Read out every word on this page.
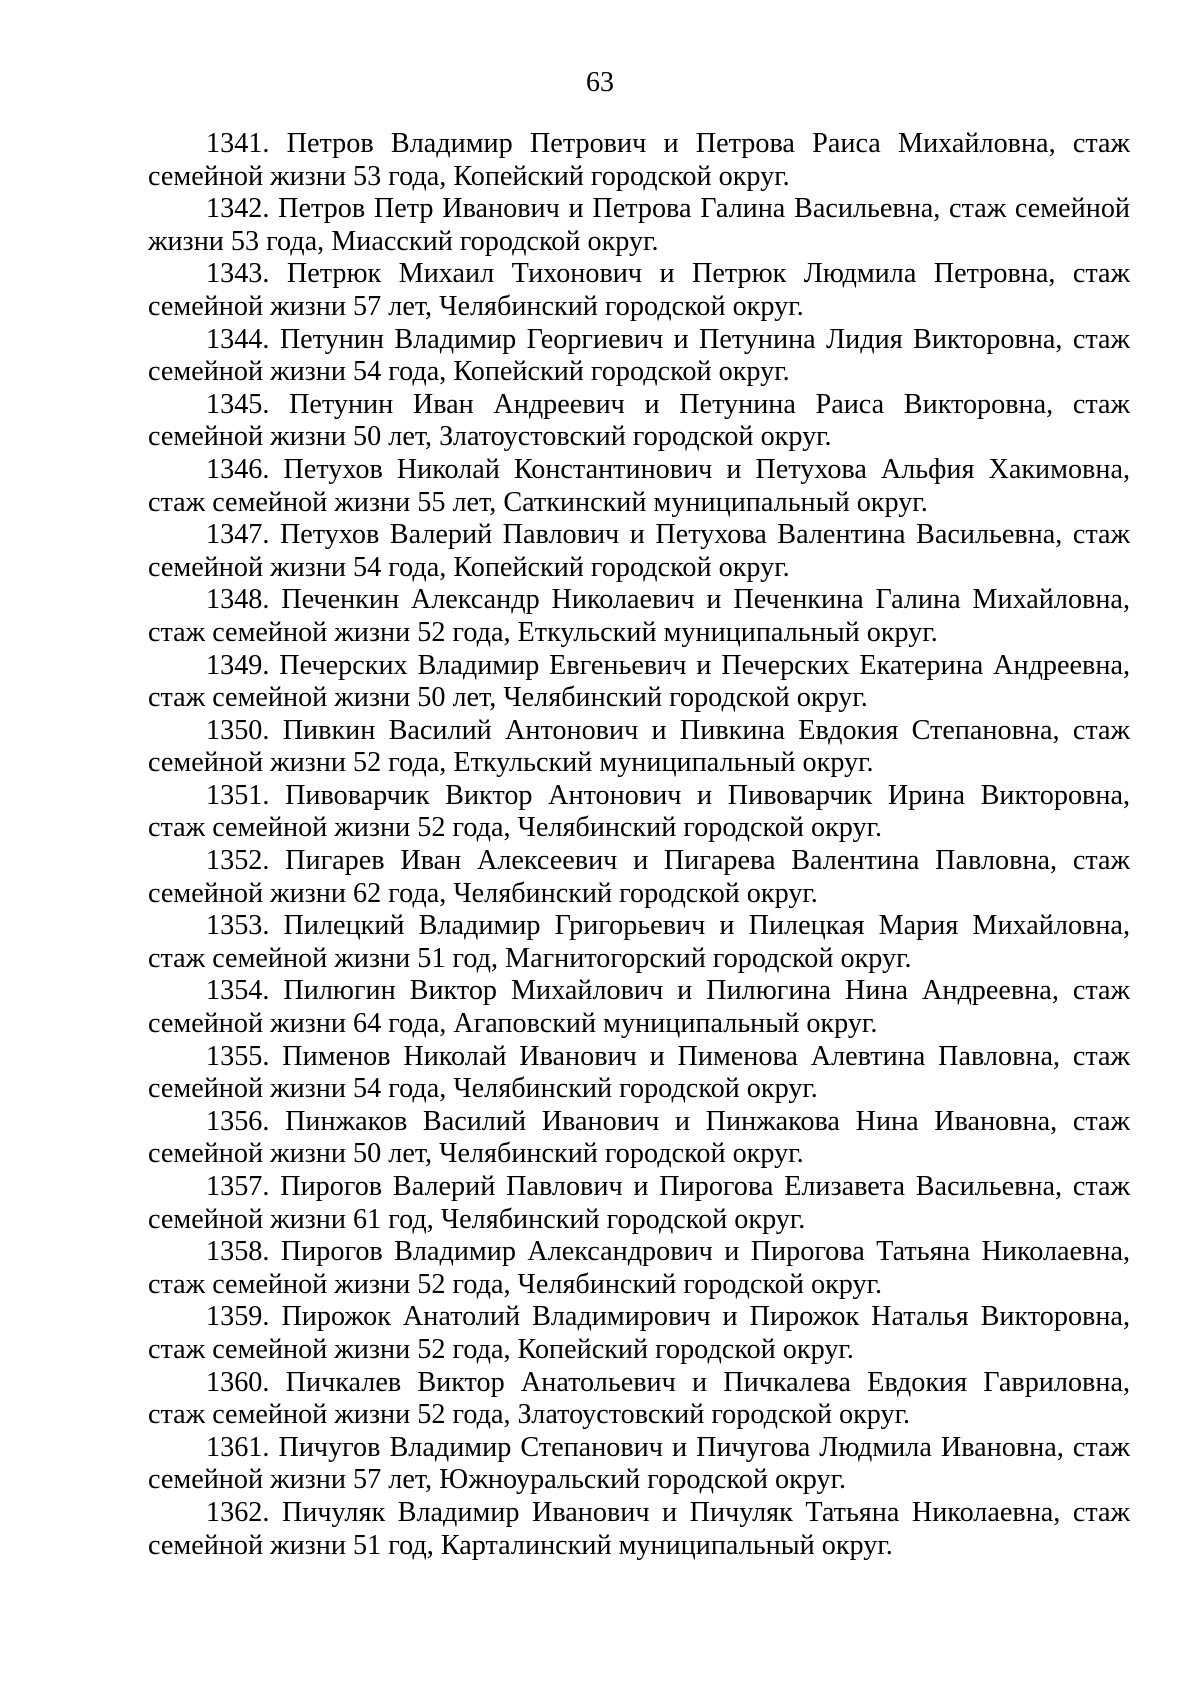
63

1341 . Петров Владимир Петрович и Петрова Раиса Михайловна, стаж семейной жизни 53 года, Копейский городской округ.

1342 . Петров Петр Иванович и Петрова Галина Васильевна, стаж семейной жизни 53 года, Миасский городской округ.

1343 . Петрюк Михаил Тихонович и Петрюк Людмила Петровна, стаж семейной жизни 57 лет, Челябинский городской округ.

1344 . Петунин Владимир Георгиевич и Петунина Лидия Викторовна, стаж семейной жизни 54 года, Копейский городской округ.

1345 . Петунин Иван Андреевич и Петунина Раиса Викторовна, стаж семейной жизни 50 лет, Златоустовский городской округ.

1346 . Петухов Николай Константинович и Петухова Альфия Хакимовна, стаж семейной жизни 55 лет, Саткинский муниципальный округ.

1347 . Петухов Валерий Павлович и Петухова Валентина Васильевна, стаж семейной жизни 54 года, Копейский городской округ.

1348 . Печенкин Александр Николаевич и Печенкина Галина Михайловна, стаж семейной жизни 52 года, Еткульский муниципальный округ.

1349 . Печерских Владимир Евгеньевич и Печерских Екатерина Андреевна, стаж семейной жизни 50 лет, Челябинский городской округ.

1350 . Пивкин Василий Антонович и Пивкина Евдокия Степановна, стаж семейной жизни 52 года, Еткульский муниципальный округ.

1351 . Пивоварчик Виктор Антонович и Пивоварчик Ирина Викторовна, стаж семейной жизни 52 года, Челябинский городской округ.

1352 . Пигарев Иван Алексеевич и Пигарева Валентина Павловна, стаж семейной жизни 62 года, Челябинский городской округ.

1353 . Пилецкий Владимир Григорьевич и Пилецкая Мария Михайловна, стаж семейной жизни 51 год, Магнитогорский городской округ.

1354 . Пилюгин Виктор Михайлович и Пилюгина Нина Андреевна, стаж семейной жизни 64 года, Агаповский муниципальный округ.

1355 . Пименов Николай Иванович и Пименова Алевтина Павловна, стаж семейной жизни 54 года, Челябинский городской округ.

1356 . Пинжаков Василий Иванович и Пинжакова Нина Ивановна, стаж семейной жизни 50 лет, Челябинский городской округ.

1357 . Пирогов Валерий Павлович и Пирогова Елизавета Васильевна, стаж семейной жизни 61 год, Челябинский городской округ.

1358 . Пирогов Владимир Александрович и Пирогова Татьяна Николаевна, стаж семейной жизни 52 года, Челябинский городской округ.

1359 . Пирожок Анатолий Владимирович и Пирожок Наталья Викторовна, стаж семейной жизни 52 года, Копейский городской округ.

1360 . Пичкалев Виктор Анатольевич и Пичкалева Евдокия Гавриловна, стаж семейной жизни 52 года, Златоустовский городской округ.

1361 . Пичугов Владимир Степанович и Пичугова Людмила Ивановна, стаж семейной жизни 57 лет, Южноуральский городской округ.

1362 . Пичуляк Владимир Иванович и Пичуляк Татьяна Николаевна, стаж семейной жизни 51 год, Карталинский муниципальный округ.
